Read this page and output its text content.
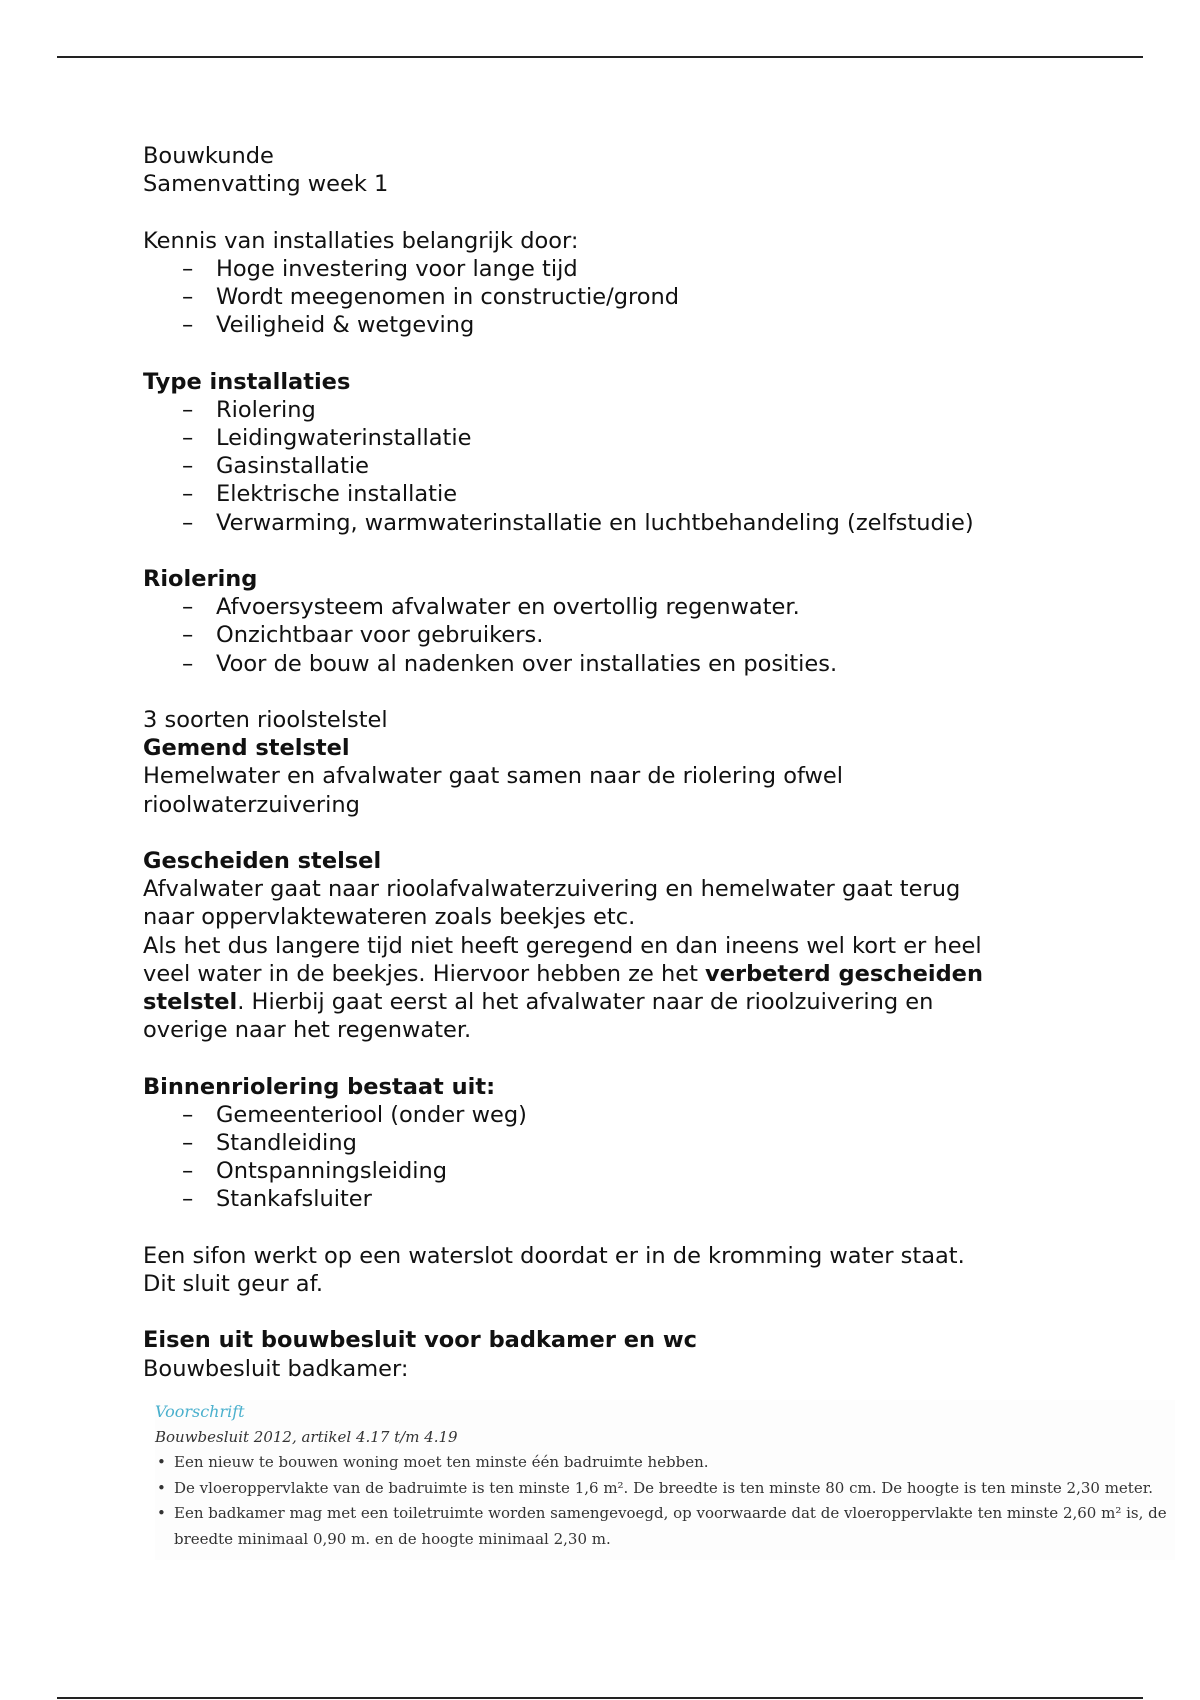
Bouwkunde
Samenvatting week 1
Kennis van installaties belangrijk door:
– Hoge investering voor lange tijd
– Wordt meegenomen in constructie/grond
– Veiligheid & wetgeving
Type installaties
– Riolering
– Leidingwaterinstallatie
– Gasinstallatie
– Elektrische installatie
– Verwarming, warmwaterinstallatie en luchtbehandeling (zelfstudie)
Riolering
– Afvoersysteem afvalwater en overtollig regenwater.
– Onzichtbaar voor gebruikers.
– Voor de bouw al nadenken over installaties en posities.
3 soorten rioolstelstel
Gemend stelstel
Hemelwater en afvalwater gaat samen naar de riolering ofwel
rioolwaterzuivering
Gescheiden stelsel
Afvalwater gaat naar rioolafvalwaterzuivering en hemelwater gaat terug
naar oppervlaktewateren zoals beekjes etc.
Als het dus langere tijd niet heeft geregend en dan ineens wel kort er heel
veel water in de beekjes. Hiervoor hebben ze het verbeterd gescheiden
stelstel. Hierbij gaat eerst al het afvalwater naar de rioolzuivering en
overige naar het regenwater.
Binnenriolering bestaat uit:
– Gemeenteriool (onder weg)
– Standleiding
– Ontspanningsleiding
– Stankafsluiter
Een sifon werkt op een waterslot doordat er in de kromming water staat.
Dit sluit geur af.
Eisen uit bouwbesluit voor badkamer en wc
Bouwbesluit badkamer:
Voorschrift
Bouwbesluit 2012, artikel 4.17 t/m 4.19
• Een nieuw te bouwen woning moet ten minste één badruimte hebben.
• De vloeroppervlakte van de badruimte is ten minste 1,6 m². De breedte is ten minste 80 cm. De hoogte is ten minste 2,30 meter.
• Een badkamer mag met een toiletruimte worden samengevoegd, op voorwaarde dat de vloeroppervlakte ten minste 2,60 m² is, de
breedte minimaal 0,90 m. en de hoogte minimaal 2,30 m.
